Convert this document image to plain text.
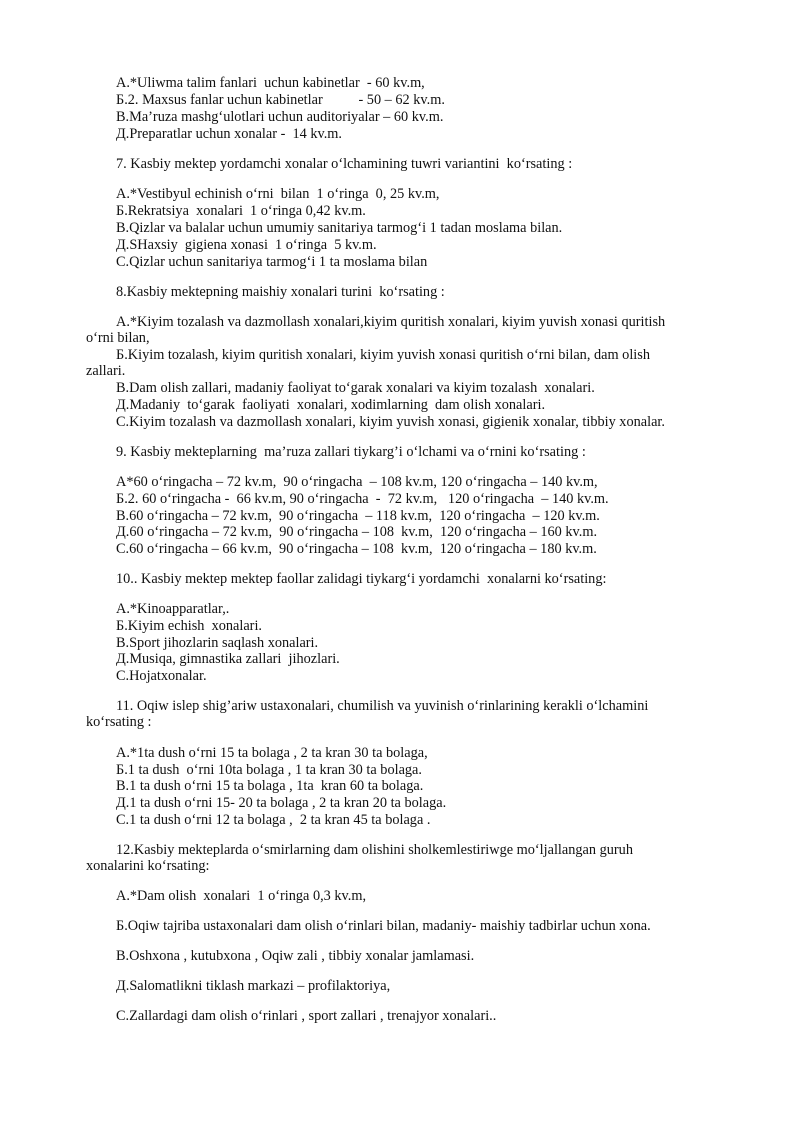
A.*Uliwma talim fanlari  uchun kabinetlar  - 60 kv.m,
Б.2. Maxsus fanlar uchun kabinetlar          - 50 – 62 kv.m.
B.Ma’ruza mashgʻulotlari uchun auditoriyalar – 60 kv.m.
Д.Preparatlar uchun xonalar -  14 kv.m.
7. Kasbiy mektep yordamchi xonalar oʻlchamining tuwri variantini  koʻrsating :
A.*Vestibyul echinish oʻrni  bilan  1 oʻringa  0, 25 kv.m,
Б.Rekratsiya  xonalari  1 oʻringa 0,42 kv.m.
B.Qizlar va balalar uchun umumiy sanitariya tarmogʻi 1 tadan moslama bilan.
Д.SHaxsiy  gigiena xonasi  1 oʻringa  5 kv.m.
C.Qizlar uchun sanitariya tarmogʻi 1 ta moslama bilan
8.Kasbiy mektepning maishiy xonalari turini  koʻrsating :
A.*Kiyim tozalash va dazmollash xonalari,kiyim quritish xonalari, kiyim yuvish xonasi quritish
oʻrni bilan,
Б.Kiyim tozalash, kiyim quritish xonalari, kiyim yuvish xonasi quritish oʻrni bilan, dam olish
zallari.
B.Dam olish zallari, madaniy faoliyat toʻgarak xonalari va kiyim tozalash  xonalari.
Д.Madaniy  toʻgarak  faoliyati  xonalari, xodimlarning  dam olish xonalari.
C.Kiyim tozalash va dazmollash xonalari, kiyim yuvish xonasi, gigienik xonalar, tibbiy xonalar.
9. Kasbiy mekteplarning  ma’ruza zallari tiykarg’i oʻlchami va oʻrnini koʻrsating :
A*60 oʻringacha – 72 kv.m,  90 oʻringacha  – 108 kv.m, 120 oʻringacha – 140 kv.m,
Б.2. 60 oʻringacha -  66 kv.m, 90 oʻringacha  -  72 kv.m,   120 oʻringacha  – 140 kv.m.
B.60 oʻringacha – 72 kv.m,  90 oʻringacha  – 118 kv.m,  120 oʻringacha  – 120 kv.m.
Д.60 oʻringacha – 72 kv.m,  90 oʻringacha – 108  kv.m,  120 oʻringacha – 160 kv.m.
C.60 oʻringacha – 66 kv.m,  90 oʻringacha – 108  kv.m,  120 oʻringacha – 180 kv.m.
10.. Kasbiy mektep mektep faollar zalidagi tiykargʻi yordamchi  xonalarni koʻrsating:
A.*Kinoapparatlar,.
Б.Kiyim echish  xonalari.
B.Sport jihozlarin saqlash xonalari.
Д.Musiqa, gimnastika zallari  jihozlari.
C.Hojatxonalar.
11. Oqiw islep shig’ariw ustaxonalari, chumilish va yuvinish oʻrinlarining kerakli oʻlchamini
koʻrsating :
A.*1ta dush oʻrni 15 ta bolaga , 2 ta kran 30 ta bolaga,
Б.1 ta dush  oʻrni 10ta bolaga , 1 ta kran 30 ta bolaga.
B.1 ta dush oʻrni 15 ta bolaga , 1ta  kran 60 ta bolaga.
Д.1 ta dush oʻrni 15- 20 ta bolaga , 2 ta kran 20 ta bolaga.
C.1 ta dush oʻrni 12 ta bolaga ,  2 ta kran 45 ta bolaga .
12.Kasbiy mekteplarda oʻsmirlarning dam olishini sholkemlestiriwge moʻljallangan guruh
xonalarini koʻrsating:
A.*Dam olish  xonalari  1 oʻringa 0,3 kv.m,
Б.Oqiw tajriba ustaxonalari dam olish oʻrinlari bilan, madaniy- maishiy tadbirlar uchun xona.
B.Oshxona , kutubxona , Oqiw zali , tibbiy xonalar jamlamasi.
Д.Salomatlikni tiklash markazi – profilaktoriya,
C.Zallardagi dam olish oʻrinlari , sport zallari , trenajyor xonalari..
